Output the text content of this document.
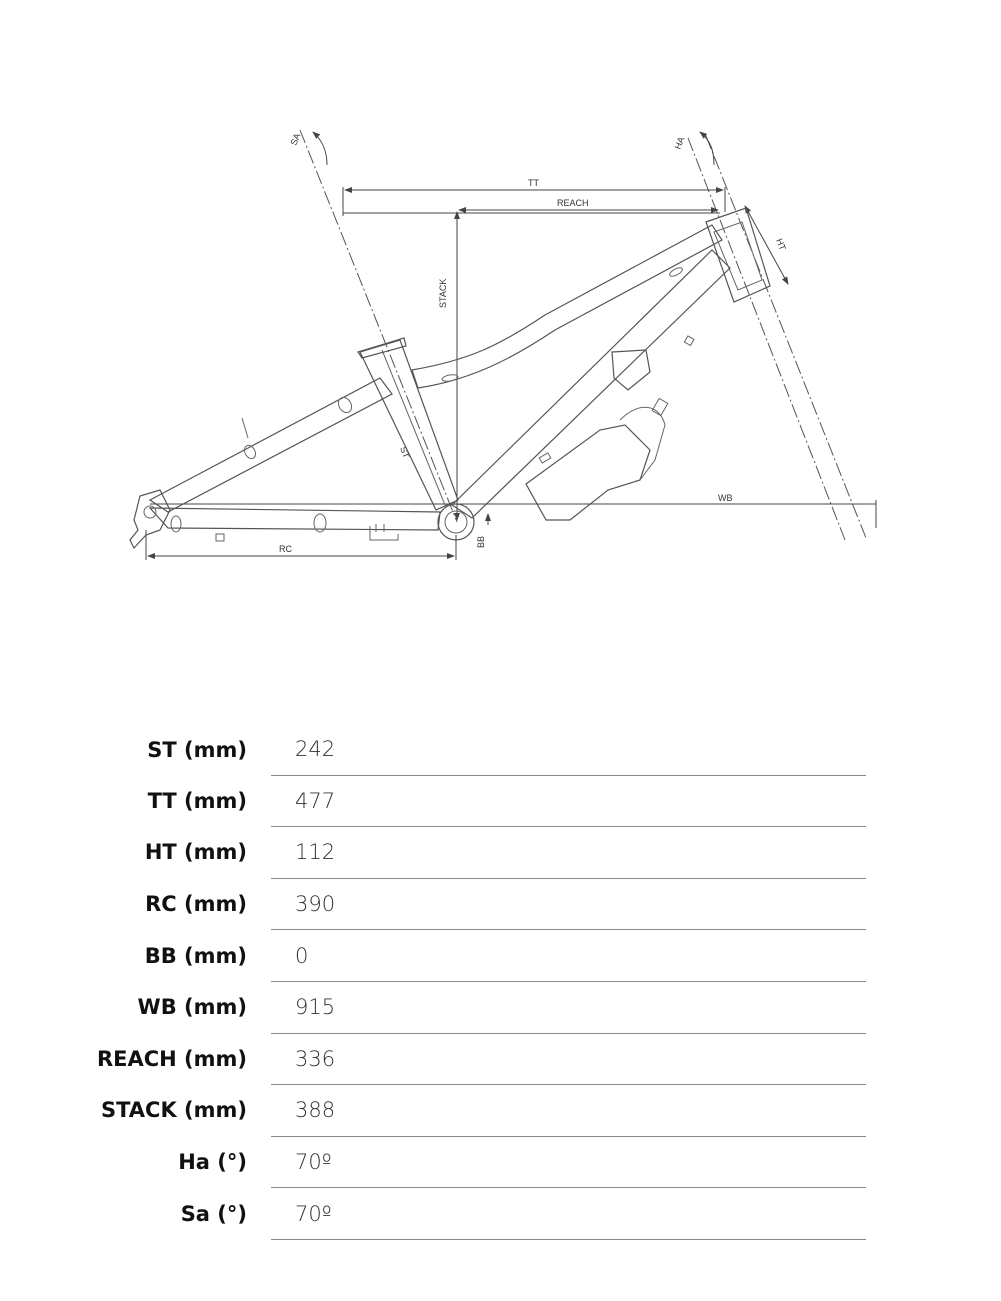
SA	HA
TT
REACH
STACK
HT
ST
WB
RC
BB
ST (mm)	242
TT (mm)	477
HT (mm)	112
RC (mm)	390
BB (mm)	0
WB (mm)	915
REACH (mm)	336
STACK (mm)	388
Ha (°)	70º
Sa (°)	70º
